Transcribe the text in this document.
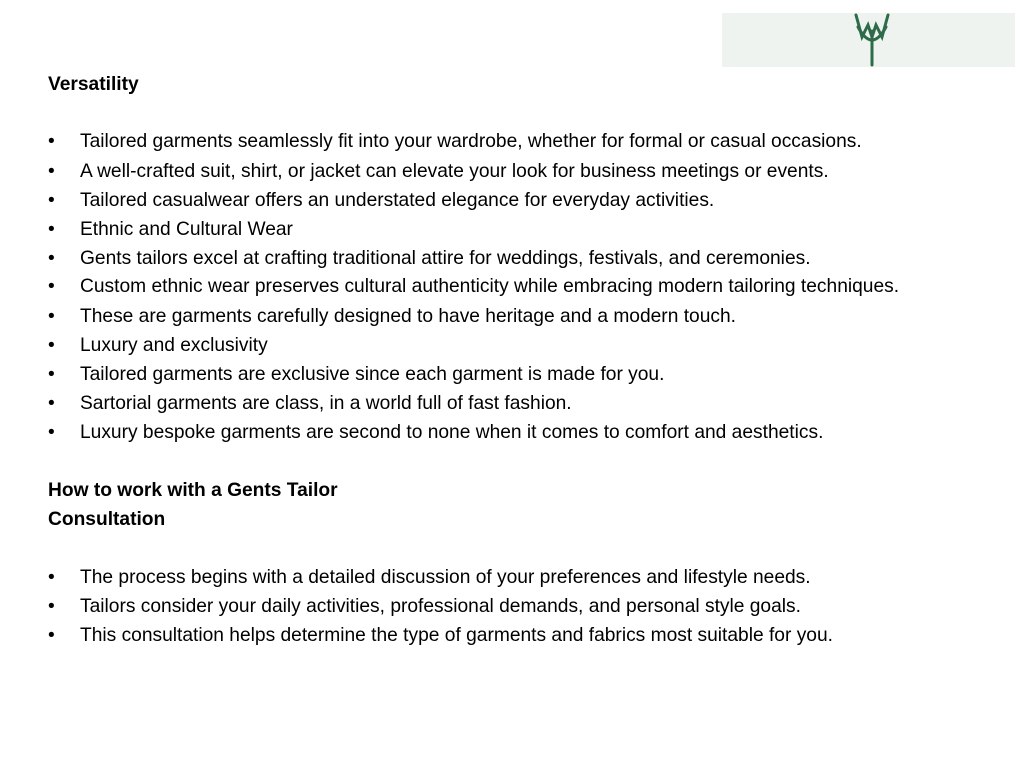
Versatility

• Tailored garments seamlessly fit into your wardrobe, whether for formal or casual occasions.
• A well-crafted suit, shirt, or jacket can elevate your look for business meetings or events.
• Tailored casualwear offers an understated elegance for everyday activities.
• Ethnic and Cultural Wear
• Gents tailors excel at crafting traditional attire for weddings, festivals, and ceremonies.
• Custom ethnic wear preserves cultural authenticity while embracing modern tailoring techniques.
• These are garments carefully designed to have heritage and a modern touch.
• Luxury and exclusivity
• Tailored garments are exclusive since each garment is made for you.
• Sartorial garments are class, in a world full of fast fashion.
• Luxury bespoke garments are second to none when it comes to comfort and aesthetics.

How to work with a Gents Tailor

Consultation

• The process begins with a detailed discussion of your preferences and lifestyle needs.
• Tailors consider your daily activities, professional demands, and personal style goals.
• This consultation helps determine the type of garments and fabrics most suitable for you.
